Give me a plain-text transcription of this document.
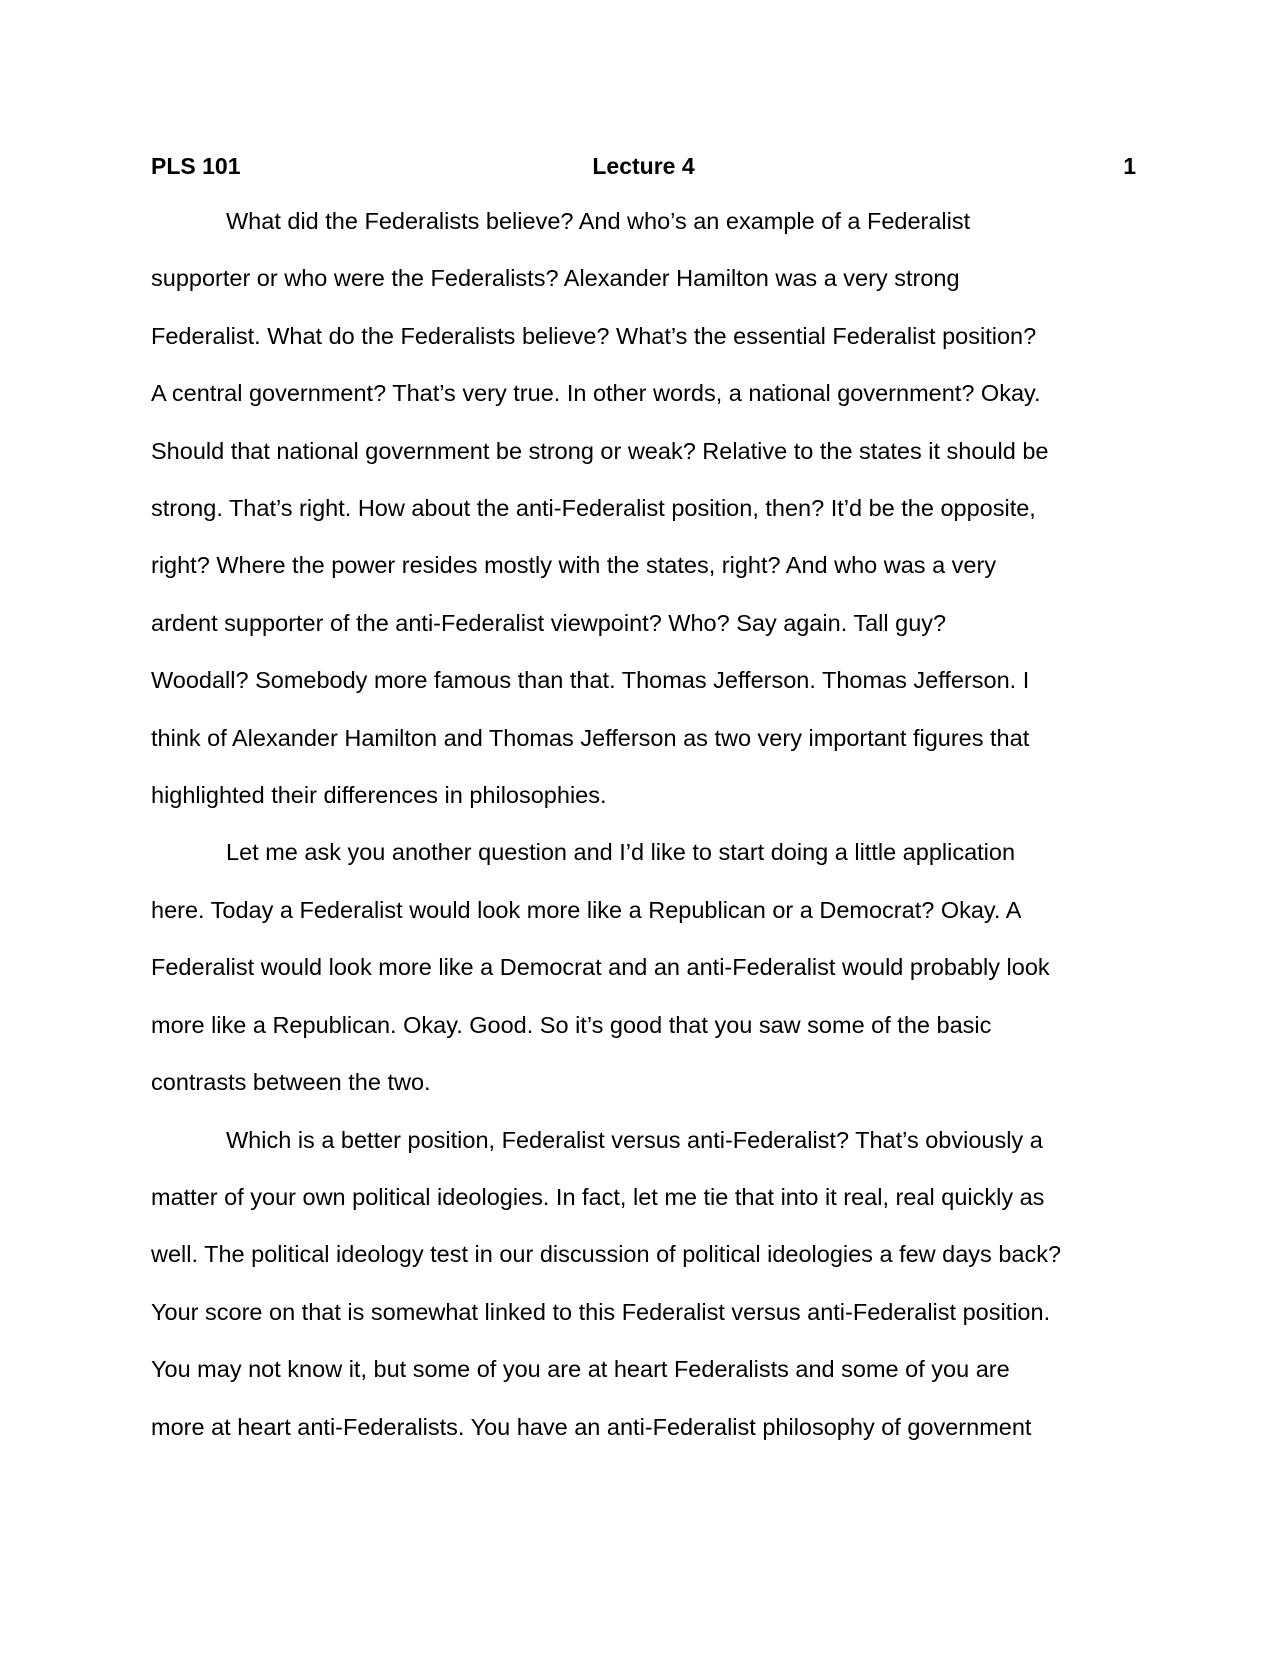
PLS 101	Lecture 4	1
What did the Federalists believe? And who’s an example of a Federalist
supporter or who were the Federalists? Alexander Hamilton was a very strong
Federalist. What do the Federalists believe? What’s the essential Federalist position?
A central government? That’s very true. In other words, a national government? Okay.
Should that national government be strong or weak? Relative to the states it should be
strong. That’s right. How about the anti-Federalist position, then? It’d be the opposite,
right? Where the power resides mostly with the states, right? And who was a very
ardent supporter of the anti-Federalist viewpoint? Who? Say again. Tall guy?
Woodall? Somebody more famous than that. Thomas Jefferson. Thomas Jefferson. I
think of Alexander Hamilton and Thomas Jefferson as two very important figures that
highlighted their differences in philosophies.
Let me ask you another question and I’d like to start doing a little application
here. Today a Federalist would look more like a Republican or a Democrat? Okay. A
Federalist would look more like a Democrat and an anti-Federalist would probably look
more like a Republican. Okay. Good. So it’s good that you saw some of the basic
contrasts between the two.
Which is a better position, Federalist versus anti-Federalist? That’s obviously a
matter of your own political ideologies. In fact, let me tie that into it real, real quickly as
well. The political ideology test in our discussion of political ideologies a few days back?
Your score on that is somewhat linked to this Federalist versus anti-Federalist position.
You may not know it, but some of you are at heart Federalists and some of you are
more at heart anti-Federalists. You have an anti-Federalist philosophy of government
